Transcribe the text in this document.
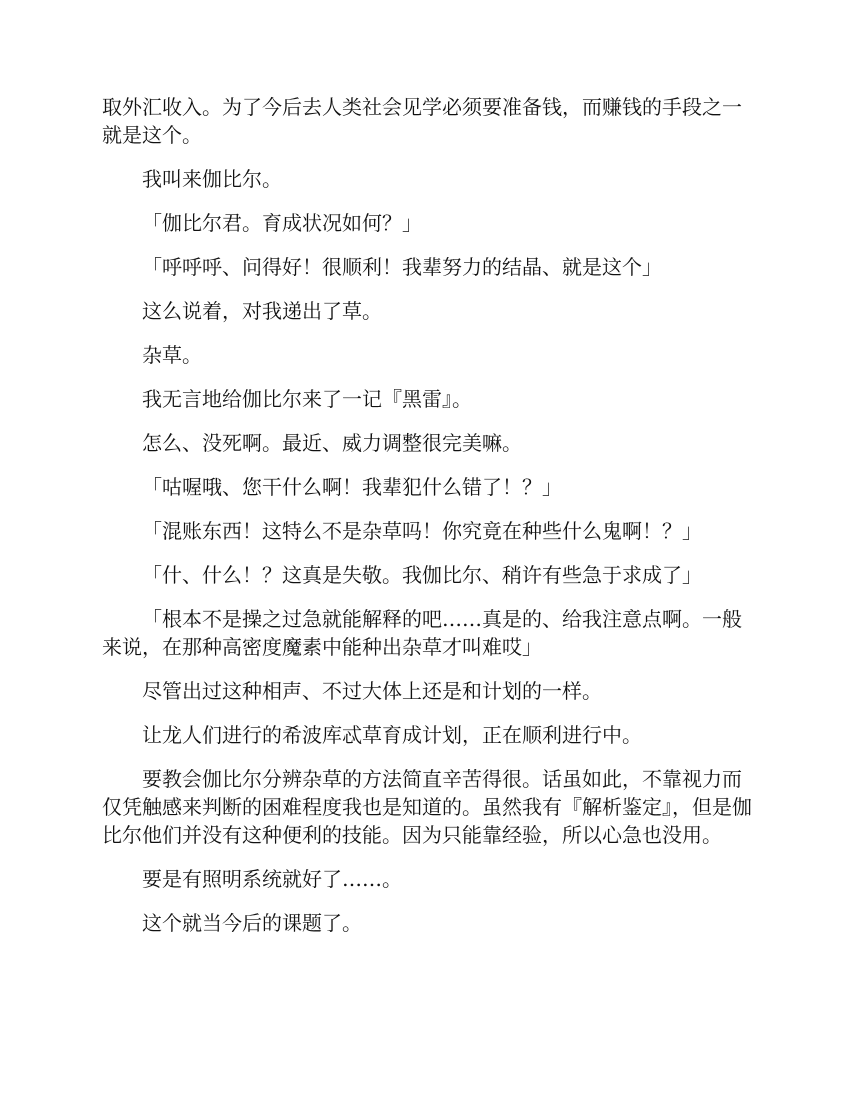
取外汇收入。为了今后去人类社会见学必须要准备钱，而赚钱的手段之一就是这个。

我叫来伽比尔。

「伽比尔君。育成状况如何？」

「呼呼呼、问得好！很顺利！我辈努力的结晶、就是这个」

这么说着，对我递出了草。

杂草。

我无言地给伽比尔来了一记『黑雷』。

怎么、没死啊。最近、威力调整很完美嘛。

「咕喔哦、您干什么啊！我辈犯什么错了！？」

「混账东西！这特么不是杂草吗！你究竟在种些什么鬼啊！？」

「什、什么！？这真是失敬。我伽比尔、稍许有些急于求成了」

「根本不是操之过急就能解释的吧……真是的、给我注意点啊。一般来说，在那种高密度魔素中能种出杂草才叫难哎」

尽管出过这种相声、不过大体上还是和计划的一样。

让龙人们进行的希波库忒草育成计划，正在顺利进行中。

要教会伽比尔分辨杂草的方法简直辛苦得很。话虽如此，不靠视力而仅凭触感来判断的困难程度我也是知道的。虽然我有『解析鉴定』，但是伽比尔他们并没有这种便利的技能。因为只能靠经验，所以心急也没用。

要是有照明系统就好了……。

这个就当今后的课题了。
